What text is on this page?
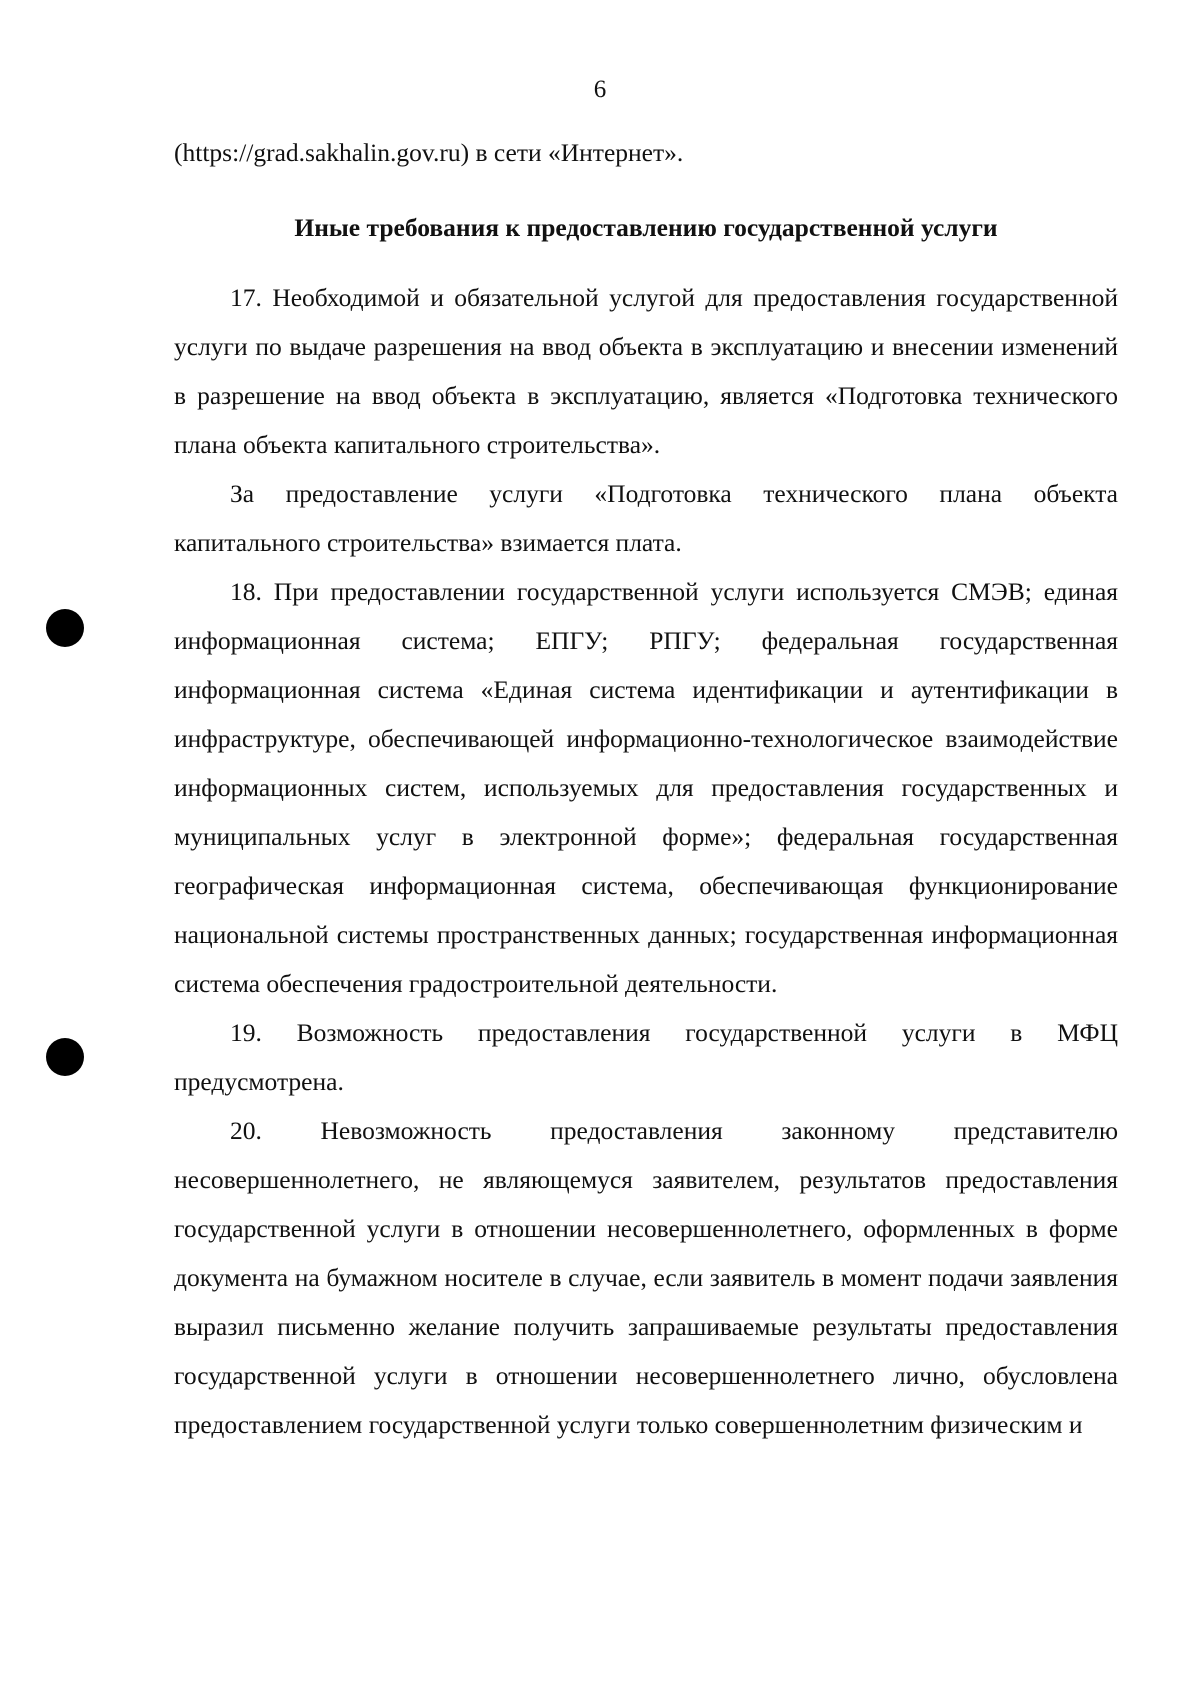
6

(https://grad.sakhalin.gov.ru) в сети «Интернет».

Иные требования к предоставлению государственной услуги

17. Необходимой и обязательной услугой для предоставления государственной услуги по выдаче разрешения на ввод объекта в эксплуатацию и внесении изменений в разрешение на ввод объекта в эксплуатацию, является «Подготовка технического плана объекта капитального строительства».

За предоставление услуги «Подготовка технического плана объекта капитального строительства» взимается плата.

18. При предоставлении государственной услуги используется СМЭВ; единая информационная система; ЕПГУ; РПГУ; федеральная государственная информационная система «Единая система идентификации и аутентификации в инфраструктуре, обеспечивающей информационно-технологическое взаимодействие информационных систем, используемых для предоставления государственных и муниципальных услуг в электронной форме»; федеральная государственная географическая информационная система, обеспечивающая функционирование национальной системы пространственных данных; государственная информационная система обеспечения градостроительной деятельности.

19. Возможность предоставления государственной услуги в МФЦ предусмотрена.

20. Невозможность предоставления законному представителю несовершеннолетнего, не являющемуся заявителем, результатов предоставления государственной услуги в отношении несовершеннолетнего, оформленных в форме документа на бумажном носителе в случае, если заявитель в момент подачи заявления выразил письменно желание получить запрашиваемые результаты предоставления государственной услуги в отношении несовершеннолетнего лично, обусловлена предоставлением государственной услуги только совершеннолетним физическим и
